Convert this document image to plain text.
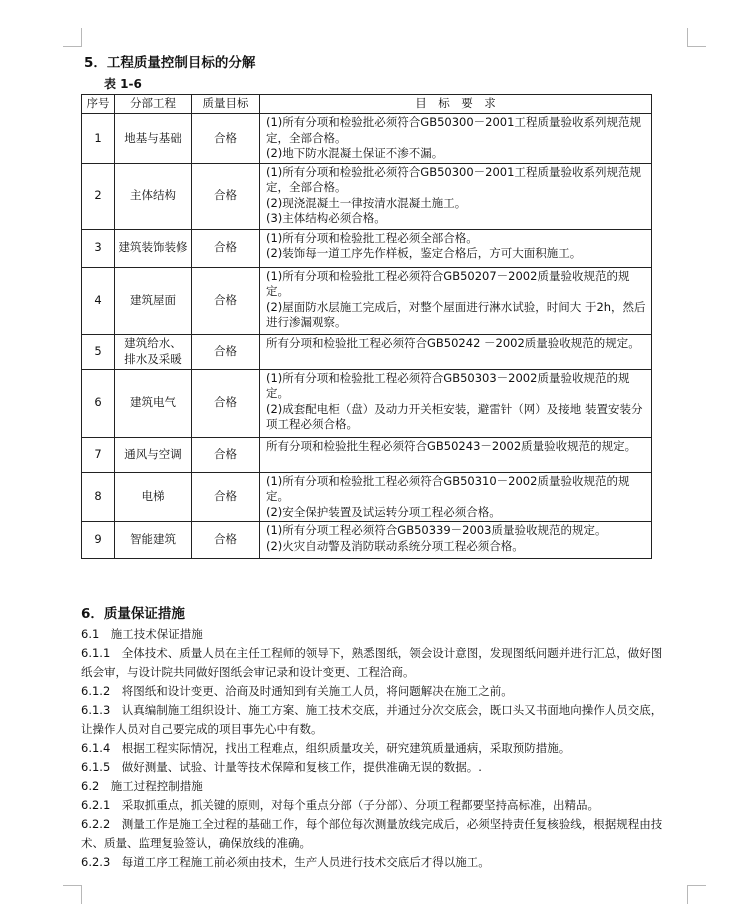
5．工程质量控制目标的分解
表 1-6
序号	分部工程	质量目标	目　标　要　求
1	地基与基础	合格	(1)所有分项和检验批必须符合GB50300－2001工程质量验收系列规范规定，全部合格。
(2)地下防水混凝土保证不渗不漏。

2	主体结构	合格	(1)所有分项和检验批必须符合GB50300－2001工程质量验收系列规范规定，全部合格。
(2)现浇混凝土一律按清水混凝土施工。
(3)主体结构必须合格。

3	建筑装饰装修	合格	(1)所有分项和检验批工程必须全部合格。
(2)装饰每一道工序先作样板，鉴定合格后，方可大面积施工。

4	建筑屋面	合格	(1)所有分项和检验批工程必须符合GB50207－2002质量验收规范的规定。
(2)屋面防水层施工完成后，对整个屋面进行淋水试验，时间大 于2h，然后进行渗漏观察。

5	建筑给水、排水及采暖	合格	所有分项和检验批工程必须符合GB50242 －2002质量验收规范的规定。

6	建筑电气	合格	(1)所有分项和检验批工程必须符合GB50303－2002质量验收规范的规定。
(2)成套配电柜（盘）及动力开关柜安装，避雷针（网）及接地 装置安装分项工程必须合格。

7	通风与空调	合格	所有分项和检验批生程必须符合GB50243－2002质量验收规范的规定。

8	电梯	合格	(1)所有分项和检验批工程必须符合GB50310－2002质量验收规范的规定。
(2)安全保护装置及试运转分项工程必须合格。

9	智能建筑	合格	(1)所有分项工程必须符合GB50339－2003质量验收规范的规定。
(2)火灾自动警及消防联动系统分项工程必须合格。
6．质量保证措施

6.1　施工技术保证措施

6.1.1　全体技术、质量人员在主任工程师的领导下，熟悉图纸，领会设计意图，发现图纸问题并进行汇总，做好图纸会审，与设计院共同做好图纸会审记录和设计变更、工程洽商。

6.1.2　将图纸和设计变更、洽商及时通知到有关施工人员，将问题解决在施工之前。

6.1.3　认真编制施工组织设计、施工方案、施工技术交底，并通过分次交底会，既口头又书面地向操作人员交底，让操作人员对自己要完成的项目事先心中有数。

6.1.4　根据工程实际情况，找出工程难点，组织质量攻关，研究建筑质量通病，采取预防措施。

6.1.5　做好测量、试验、计量等技术保障和复核工作，提供准确无误的数据。.

6.2　施工过程控制措施

6.2.1　采取抓重点，抓关键的原则，对每个重点分部（子分部）、分项工程都要坚持高标准，出精品。

6.2.2　测量工作是施工全过程的基础工作，每个部位每次测量放线完成后，必须坚持责任复核验线，根据规程由技术、质量、监理复验签认，确保放线的准确。

6.2.3　每道工序工程施工前必须由技术，生产人员进行技术交底后才得以施工。
